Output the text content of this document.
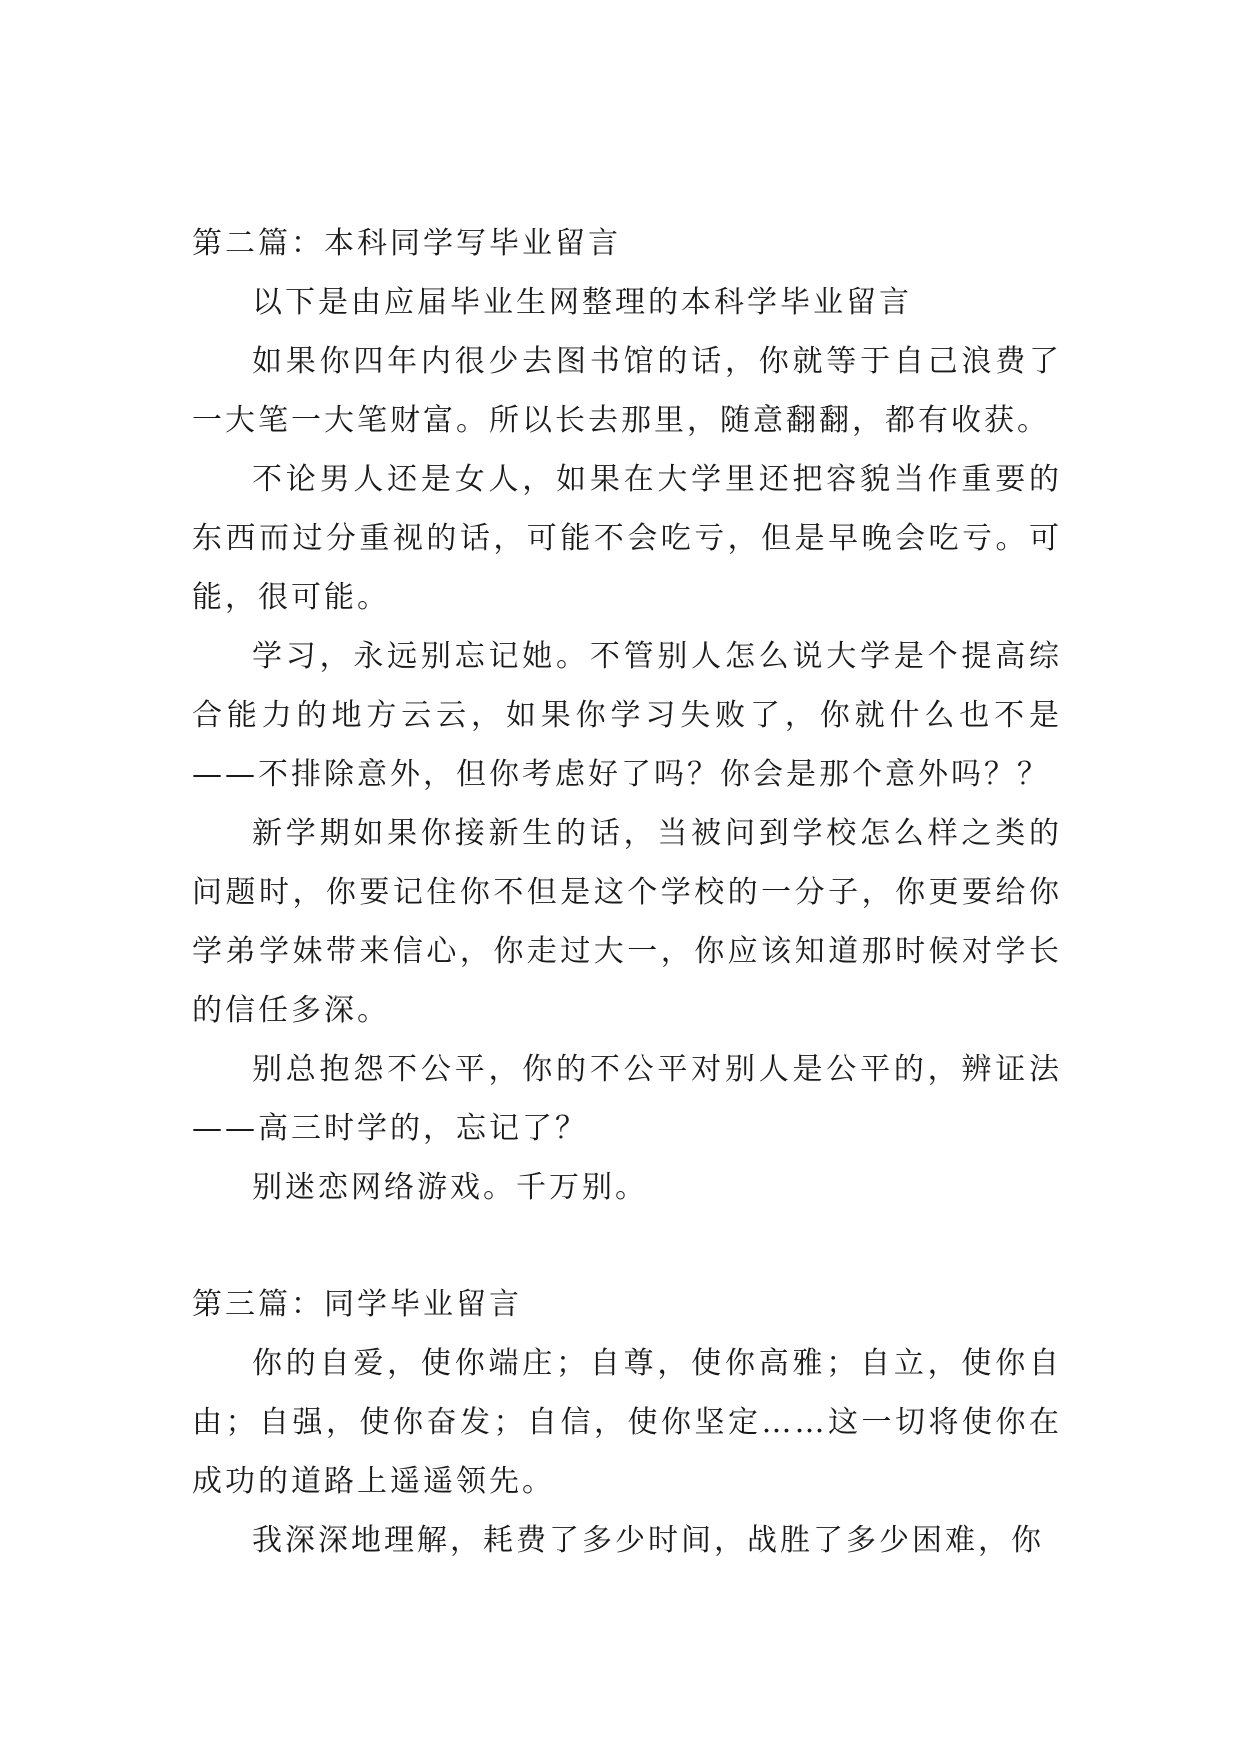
第二篇：本科同学写毕业留言

以下是由应届毕业生网整理的本科学毕业留言

如果你四年内很少去图书馆的话，你就等于自己浪费了一大笔一大笔财富。所以长去那里，随意翻翻，都有收获。

不论男人还是女人，如果在大学里还把容貌当作重要的东西而过分重视的话，可能不会吃亏，但是早晚会吃亏。可能，很可能。

学习，永远别忘记她。不管别人怎么说大学是个提高综合能力的地方云云，如果你学习失败了，你就什么也不是——不排除意外，但你考虑好了吗？你会是那个意外吗？？

新学期如果你接新生的话，当被问到学校怎么样之类的问题时，你要记住你不但是这个学校的一分子，你更要给你学弟学妹带来信心，你走过大一，你应该知道那时候对学长的信任多深。

别总抱怨不公平，你的不公平对别人是公平的，辨证法——高三时学的，忘记了？

别迷恋网络游戏。千万别。

第三篇：同学毕业留言

你的自爱，使你端庄；自尊，使你高雅；自立，使你自由；自强，使你奋发；自信，使你坚定……这一切将使你在成功的道路上遥遥领先。

我深深地理解，耗费了多少时间，战胜了多少困难，你
